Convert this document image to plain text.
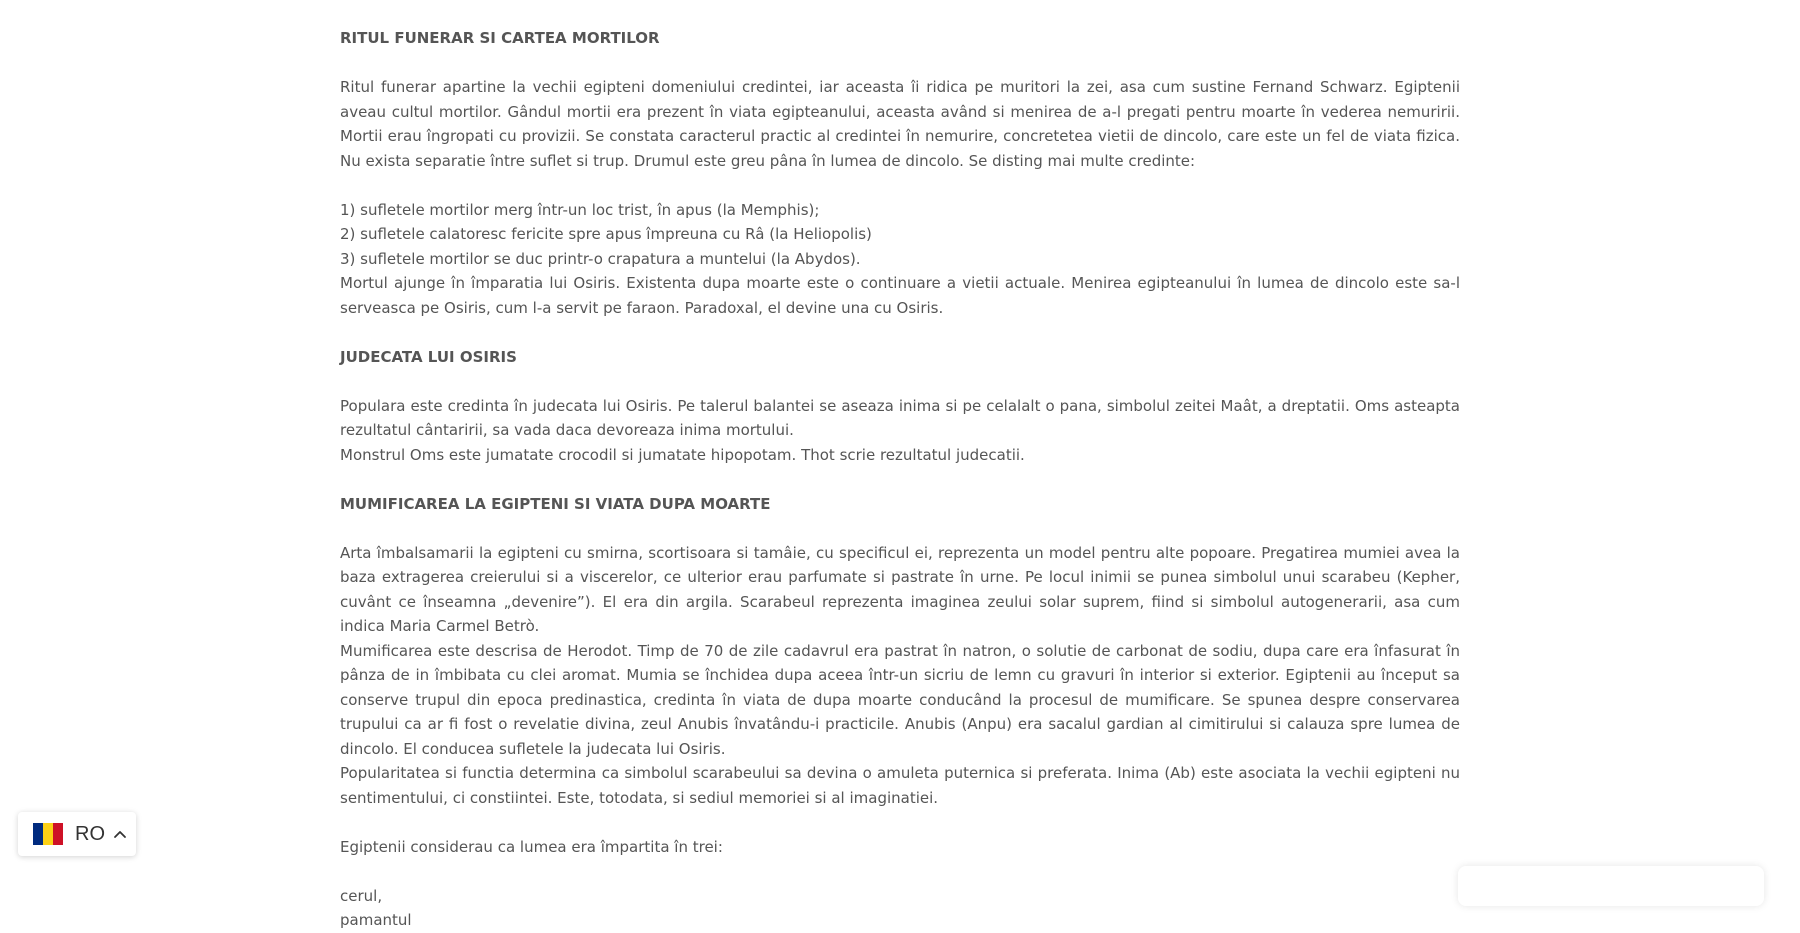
RITUL FUNERAR SI CARTEA MORTILOR

Ritul funerar apartine la vechii egipteni domeniului credintei, iar aceasta îi ridica pe muritori la zei, asa cum sustine Fernand Schwarz. Egiptenii aveau cultul mortilor. Gândul mortii era prezent în viata egipteanului, aceasta având si menirea de a-l pregati pentru moarte în vederea nemuririi. Mortii erau îngropati cu provizii. Se constata caracterul practic al credintei în nemurire, concretetea vietii de dincolo, care este un fel de viata fizica. Nu exista separatie între suflet si trup. Drumul este greu pâna în lumea de dincolo. Se disting mai multe credinte:

1) sufletele mortilor merg într-un loc trist, în apus (la Memphis);
2) sufletele calatoresc fericite spre apus împreuna cu Râ (la Heliopolis)
3) sufletele mortilor se duc printr-o crapatura a muntelui (la Abydos).

Mortul ajunge în împaratia lui Osiris. Existenta dupa moarte este o continuare a vietii actuale. Menirea egipteanului în lumea de dincolo este sa-l serveasca pe Osiris, cum l-a servit pe faraon. Paradoxal, el devine una cu Osiris.

JUDECATA LUI OSIRIS

Populara este credinta în judecata lui Osiris. Pe talerul balantei se aseaza inima si pe celalalt o pana, simbolul zeitei Maât, a dreptatii. Oms asteapta rezultatul cântaririi, sa vada daca devoreaza inima mortului.

Monstrul Oms este jumatate crocodil si jumatate hipopotam. Thot scrie rezultatul judecatii.

MUMIFICAREA LA EGIPTENI SI VIATA DUPA MOARTE

Arta îmbalsamarii la egipteni cu smirna, scortisoara si tamâie, cu specificul ei, reprezenta un model pentru alte popoare. Pregatirea mumiei avea la baza extragerea creierului si a viscerelor, ce ulterior erau parfumate si pastrate în urne. Pe locul inimii se punea simbolul unui scarabeu (Kepher, cuvânt ce înseamna „devenire”). El era din argila. Scarabeul reprezenta imaginea zeului solar suprem, fiind si simbolul autogenerarii, asa cum indica Maria Carmel Betrò.

Mumificarea este descrisa de Herodot. Timp de 70 de zile cadavrul era pastrat în natron, o solutie de carbonat de sodiu, dupa care era înfasurat în pânza de in îmbibata cu clei aromat. Mumia se închidea dupa aceea într-un sicriu de lemn cu gravuri în interior si exterior. Egiptenii au început sa conserve trupul din epoca predinastica, credinta în viata de dupa moarte conducând la procesul de mumificare. Se spunea despre conservarea trupului ca ar fi fost o revelatie divina, zeul Anubis învatându-i practicile. Anubis (Anpu) era sacalul gardian al cimitirului si calauza spre lumea de dincolo. El conducea sufletele la judecata lui Osiris.

Popularitatea si functia determina ca simbolul scarabeului sa devina o amuleta puternica si preferata. Inima (Ab) este asociata la vechii egipteni nu sentimentului, ci constiintei. Este, totodata, si sediul memoriei si al imaginatiei.

Egiptenii considerau ca lumea era împartita în trei:

cerul,
pamantul
RO
